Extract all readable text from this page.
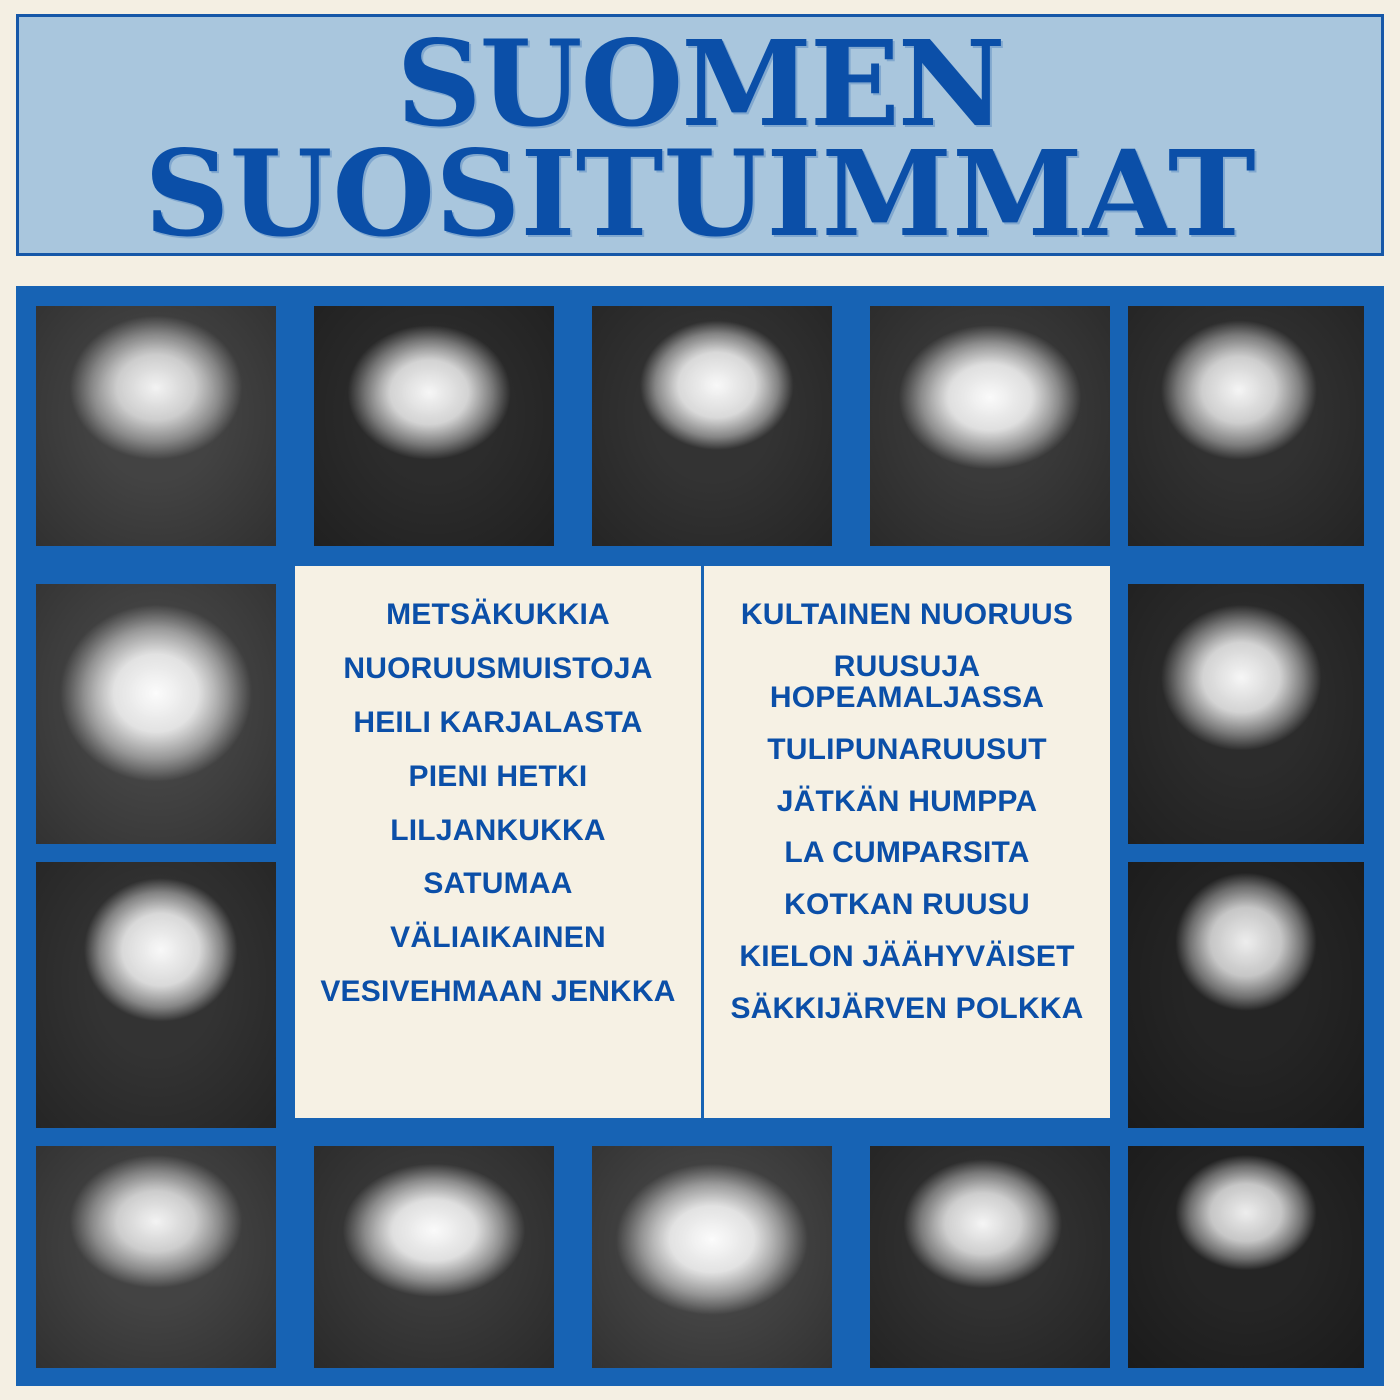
SUOMEN
SUOSITUIMMAT
METSÄKUKKIA
NUORUUSMUISTOJA
HEILI KARJALASTA
PIENI HETKI
LILJANKUKKA
SATUMAA
VÄLIAIKAINEN
VESIVEHMAAN JENKKA
KULTAINEN NUORUUS
RUUSUJA HOPEAMALJASSA
TULIPUNARUUSUT
JÄTKÄN HUMPPA
LA CUMPARSITA
KOTKAN RUUSU
KIELON JÄÄHYVÄISET
SÄKKIJÄRVEN POLKKA
